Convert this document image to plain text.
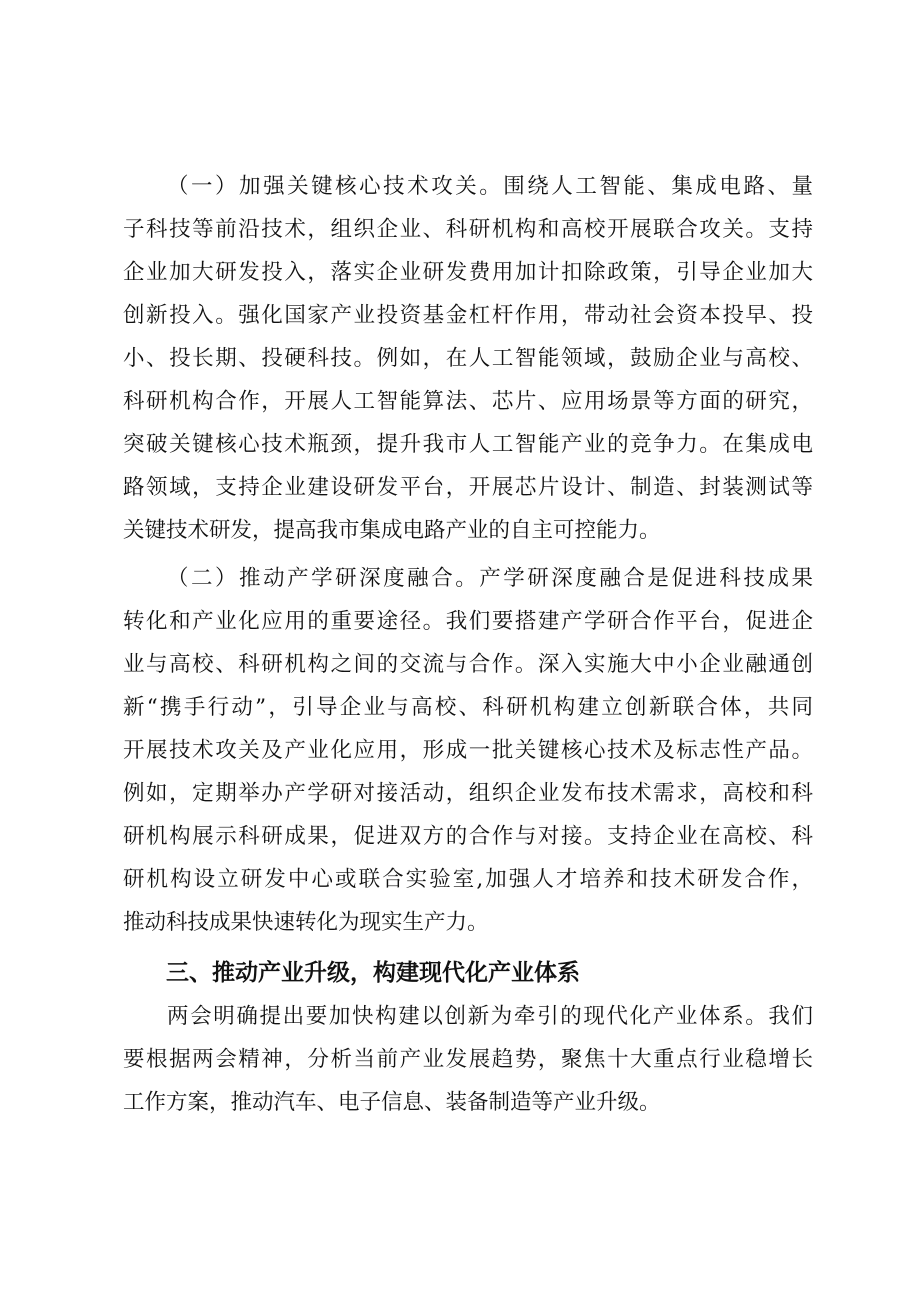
（一）加强关键核心技术攻关。围绕人工智能、集成电路、量
子科技等前沿技术，组织企业、科研机构和高校开展联合攻关。支持
企业加大研发投入，落实企业研发费用加计扣除政策，引导企业加大
创新投入。强化国家产业投资基金杠杆作用，带动社会资本投早、投
小、投长期、投硬科技。例如，在人工智能领域，鼓励企业与高校、
科研机构合作，开展人工智能算法、芯片、应用场景等方面的研究，
突破关键核心技术瓶颈，提升我市人工智能产业的竞争力。在集成电
路领域，支持企业建设研发平台，开展芯片设计、制造、封装测试等
关键技术研发，提高我市集成电路产业的自主可控能力。
（二）推动产学研深度融合。产学研深度融合是促进科技成果
转化和产业化应用的重要途径。我们要搭建产学研合作平台，促进企
业与高校、科研机构之间的交流与合作。深入实施大中小企业融通创
新“携手行动”，引导企业与高校、科研机构建立创新联合体，共同
开展技术攻关及产业化应用，形成一批关键核心技术及标志性产品。
例如，定期举办产学研对接活动，组织企业发布技术需求，高校和科
研机构展示科研成果，促进双方的合作与对接。支持企业在高校、科
研机构设立研发中心或联合实验室,加强人才培养和技术研发合作，
推动科技成果快速转化为现实生产力。
三、推动产业升级，构建现代化产业体系
两会明确提出要加快构建以创新为牵引的现代化产业体系。我们
要根据两会精神，分析当前产业发展趋势，聚焦十大重点行业稳增长
工作方案，推动汽车、电子信息、装备制造等产业升级。
